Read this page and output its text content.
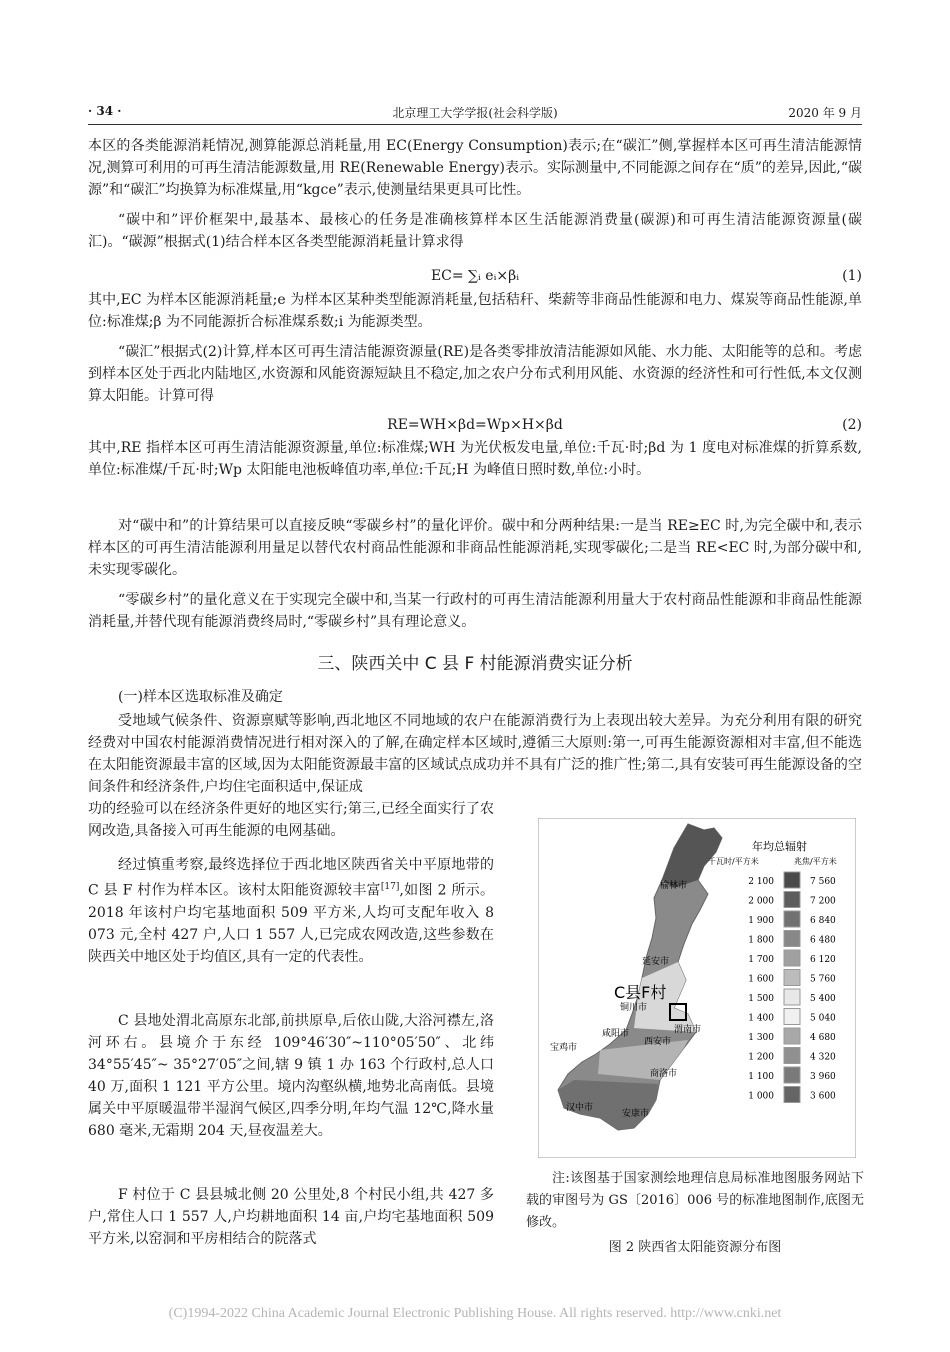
· 34 ·	北京理工大学学报(社会科学版)	2020 年 9 月

本区的各类能源消耗情况,测算能源总消耗量,用 EC(Energy Consumption)表示;在“碳汇”侧,掌握样本区可再生清洁能源情况,测算可利用的可再生清洁能源数量,用 RE(Renewable Energy)表示。实际测量中,不同能源之间存在“质”的差异,因此,“碳源”和“碳汇”均换算为标准煤量,用“kgce”表示,使测量结果更具可比性。

“碳中和”评价框架中,最基本、最核心的任务是准确核算样本区生活能源消费量(碳源)和可再生清洁能源资源量(碳汇)。“碳源”根据式(1)结合样本区各类型能源消耗量计算求得

EC= ∑ᵢ eᵢ×βᵢ	(1)

其中,EC 为样本区能源消耗量;e 为样本区某种类型能源消耗量,包括秸秆、柴薪等非商品性能源和电力、煤炭等商品性能源,单位:标准煤;β 为不同能源折合标准煤系数;i 为能源类型。

“碳汇”根据式(2)计算,样本区可再生清洁能源资源量(RE)是各类零排放清洁能源如风能、水力能、太阳能等的总和。考虑到样本区处于西北内陆地区,水资源和风能资源短缺且不稳定,加之农户分布式利用风能、水资源的经济性和可行性低,本文仅测算太阳能。计算可得

RE=WH×βd=Wp×H×βd	(2)

其中,RE 指样本区可再生清洁能源资源量,单位:标准煤;WH 为光伏板发电量,单位:千瓦·时;βd 为 1 度电对标准煤的折算系数,单位:标准煤/千瓦·时;Wp 太阳能电池板峰值功率,单位:千瓦;H 为峰值日照时数,单位:小时。

对“碳中和”的计算结果可以直接反映“零碳乡村”的量化评价。碳中和分两种结果:一是当 RE≥EC 时,为完全碳中和,表示样本区的可再生清洁能源利用量足以替代农村商品性能源和非商品性能源消耗,实现零碳化;二是当 RE<EC 时,为部分碳中和,未实现零碳化。

“零碳乡村”的量化意义在于实现完全碳中和,当某一行政村的可再生清洁能源利用量大于农村商品性能源和非商品性能源消耗量,并替代现有能源消费终局时,“零碳乡村”具有理论意义。

三、陕西关中 C 县 F 村能源消费实证分析
(一)样本区选取标准及确定

受地域气候条件、资源禀赋等影响,西北地区不同地域的农户在能源消费行为上表现出较大差异。为充分利用有限的研究经费对中国农村能源消费情况进行相对深入的了解,在确定样本区域时,遵循三大原则:第一,可再生能源资源相对丰富,但不能选在太阳能资源最丰富的区域,因为太阳能资源最丰富的区域试点成功并不具有广泛的推广性;第二,具有安装可再生能源设备的空间条件和经济条件,户均住宅面积适中,保证成

功的经验可以在经济条件更好的地区实行;第三,已经全面实行了农网改造,具备接入可再生能源的电网基础。

经过慎重考察,最终选择位于西北地区陕西省关中平原地带的 C 县 F 村作为样本区。该村太阳能资源较丰富[17],如图 2 所示。2018 年该村户均宅基地面积 509 平方米,人均可支配年收入 8 073 元,全村 427 户,人口 1 557 人,已完成农网改造,这些参数在陕西关中地区处于均值区,具有一定的代表性。

C 县地处渭北高原东北部,前拱原阜,后依山陇,大浴河襟左,洛河环右。县境介于东经 109°46′30″~110°05′50″、北纬 34°55′45″~ 35°27′05″之间,辖 9 镇 1 办 163 个行政村,总人口 40 万,面积 1 121 平方公里。境内沟壑纵横,地势北高南低。县境属关中平原暖温带半湿润气候区,四季分明,年均气温 12℃,降水量 680 毫米,无霜期 204 天,昼夜温差大。

F 村位于 C 县县城北侧 20 公里处,8 个村民小组,共 427 多户,常住人口 1 557 人,户均耕地面积 14 亩,户均宅基地面积 509 平方米,以窑洞和平房相结合的院落式

榆林市
延安市
铜川市
咸阳市
宝鸡市
西安市
渭南市
商洛市
汉中市
安康市
C县F村
年均总辐射
千瓦时/平方米	兆焦/平方米
2 100	7 560
2 000	7 200
1 900	6 840
1 800	6 480
1 700	6 120
1 600	5 760
1 500	5 400
1 400	5 040
1 300	4 680
1 200	4 320
1 100	3 960
1 000	3 600

注:该图基于国家测绘地理信息局标准地图服务网站下载的审图号为 GS〔2016〕006 号的标准地图制作,底图无修改。

图 2 陕西省太阳能资源分布图
(C)1994-2022 China Academic Journal Electronic Publishing House. All rights reserved. http://www.cnki.net
